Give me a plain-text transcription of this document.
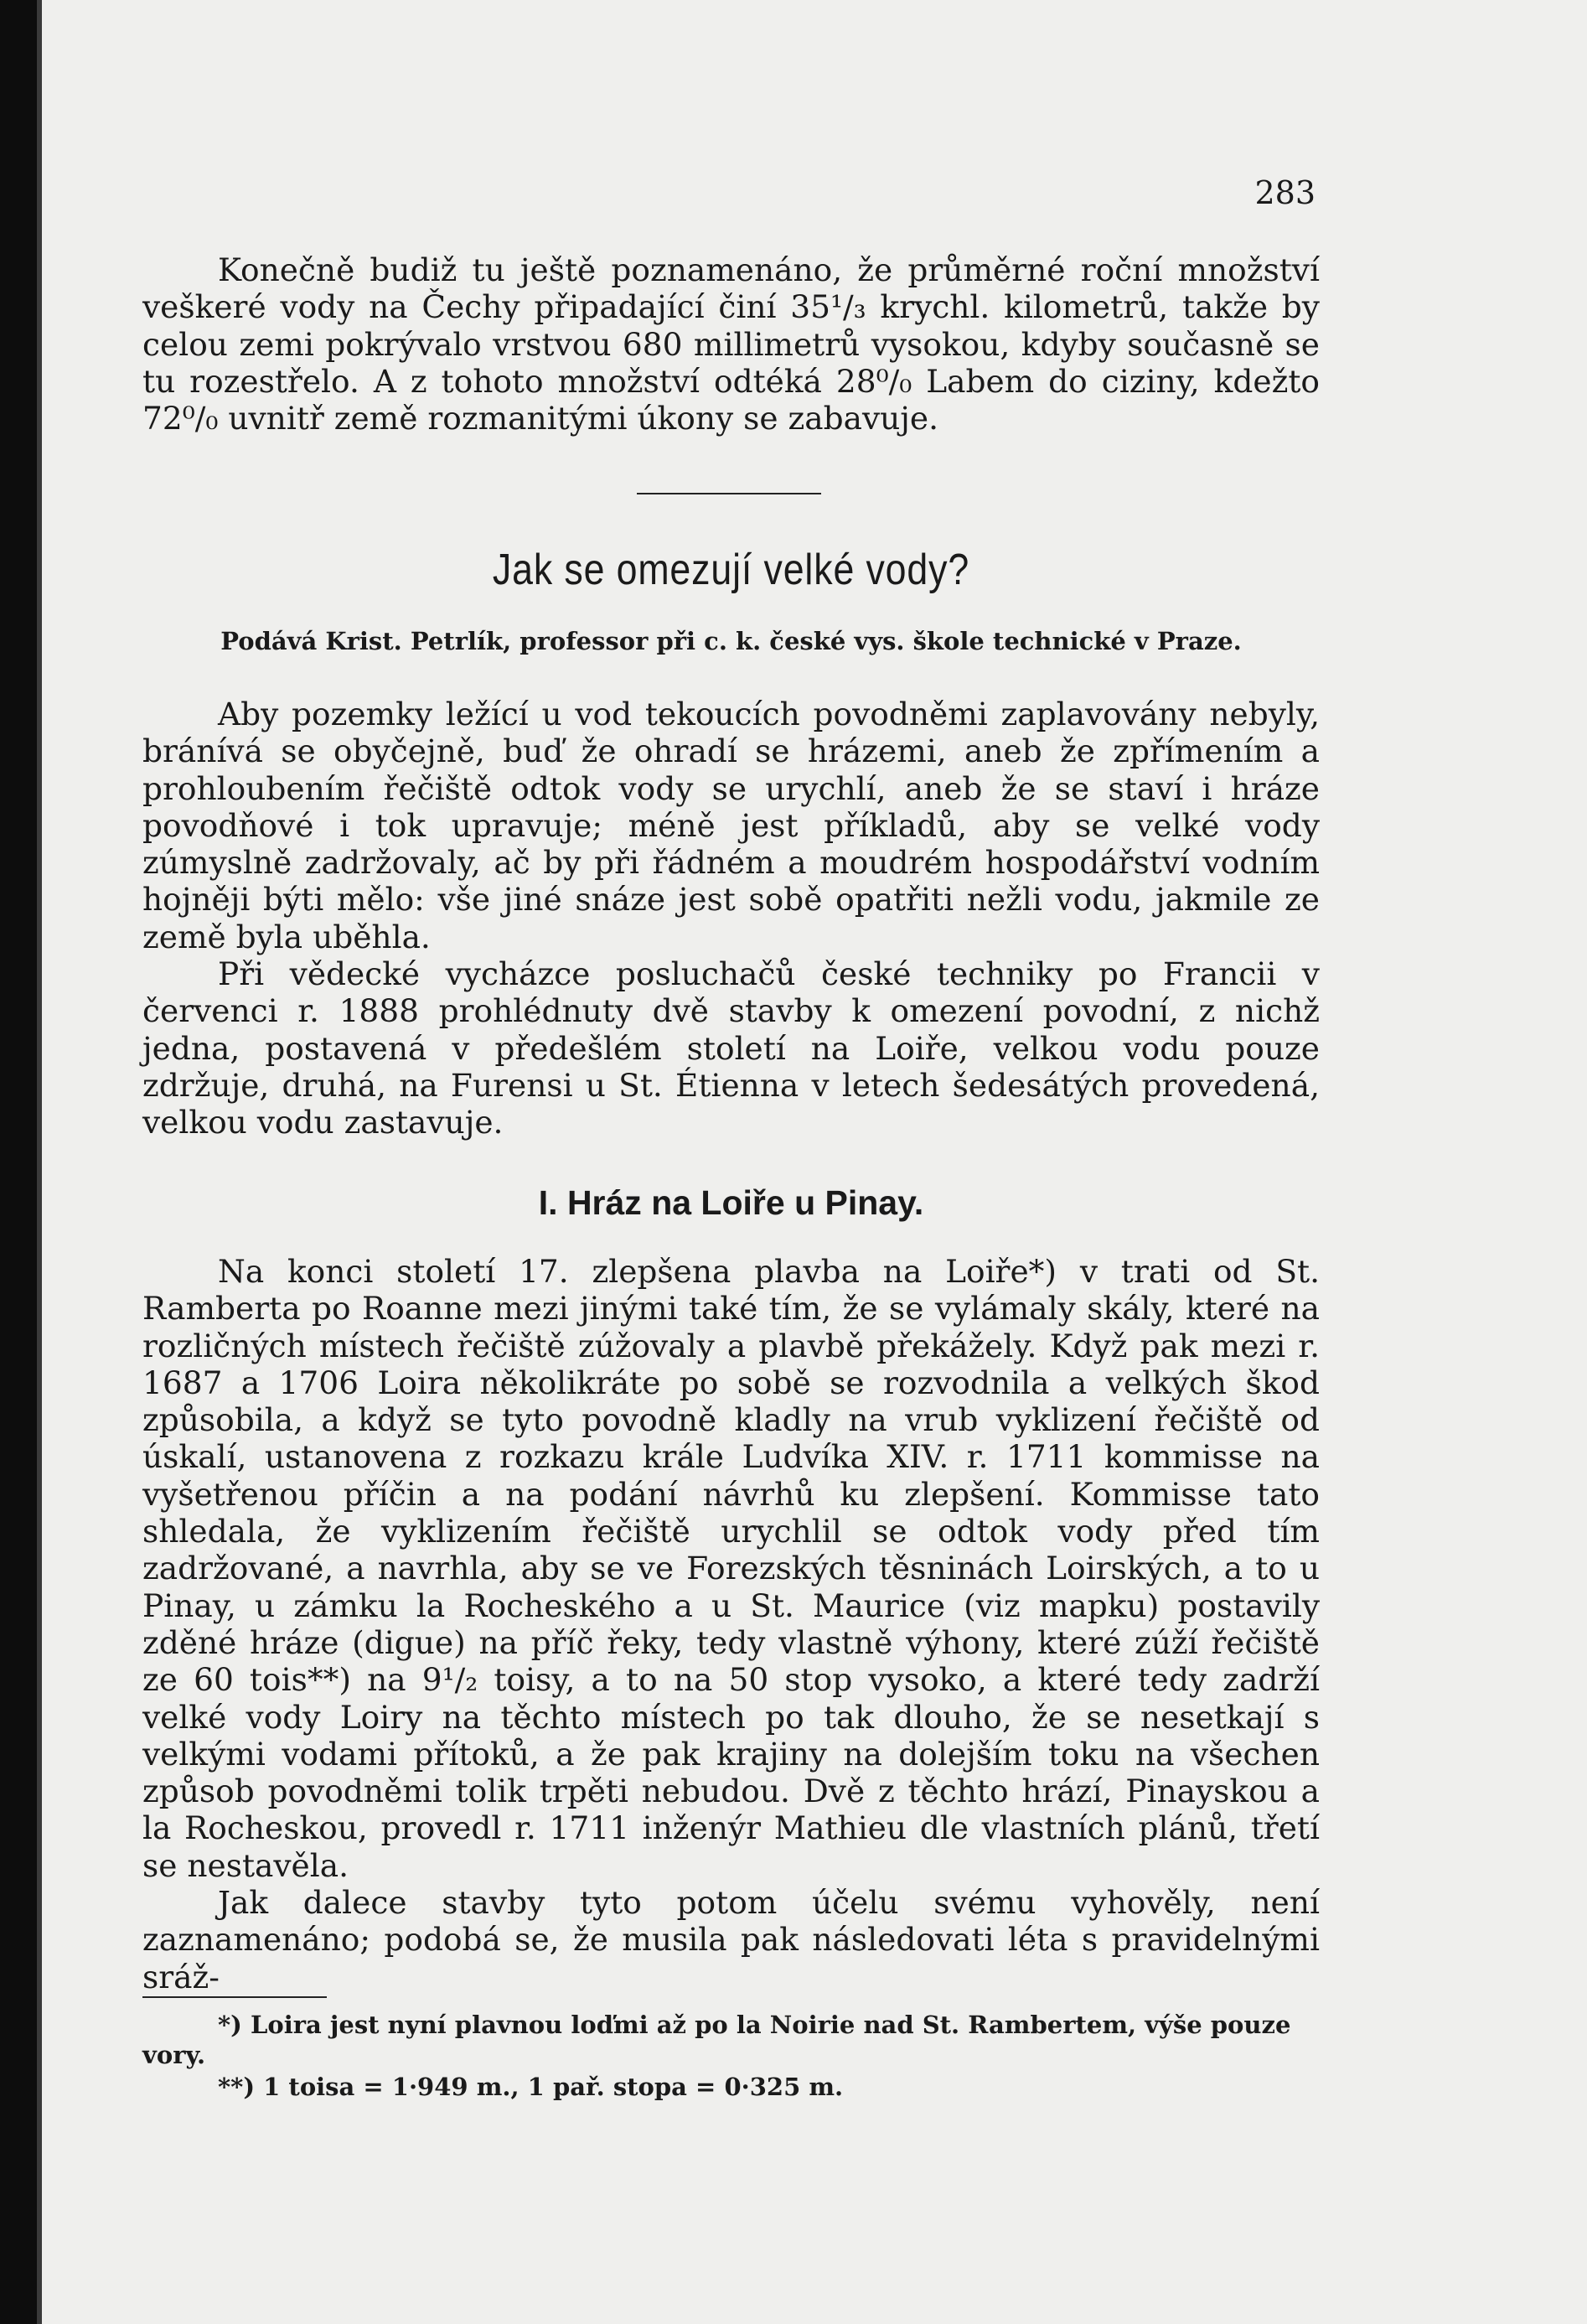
283

Konečně budiž tu ještě poznamenáno, že průměrné roční množství veškeré vody na Čechy připadající činí 35¹/₃ krychl. kilometrů, takže by celou zemi pokrývalo vrstvou 680 millimetrů vysokou, kdyby současně se tu rozestřelo. A z tohoto množství odtéká 28⁰/₀ Labem do ciziny, kdežto 72⁰/₀ uvnitř země rozmanitými úkony se zabavuje.

Jak se omezují velké vody?
Podává Krist. Petrlík, professor při c. k. české vys. škole technické v Praze.

Aby pozemky ležící u vod tekoucích povodněmi zaplavovány nebyly, bránívá se obyčejně, buď že ohradí se hrázemi, aneb že zpřímením a prohloubením řečiště odtok vody se urychlí, aneb že se staví i hráze povodňové i tok upravuje; méně jest příkladů, aby se velké vody zúmyslně zadržovaly, ač by při řádném a moudrém hospodářství vodním hojněji býti mělo: vše jiné snáze jest sobě opatřiti nežli vodu, jakmile ze země byla uběhla.

Při vědecké vycházce posluchačů české techniky po Francii v červenci r. 1888 prohlédnuty dvě stavby k omezení povodní, z nichž jedna, postavená v předešlém století na Loiře, velkou vodu pouze zdržuje, druhá, na Furensi u St. Étienna v letech šedesátých provedená, velkou vodu zastavuje.

I. Hráz na Loiře u Pinay.

Na konci století 17. zlepšena plavba na Loiře*) v trati od St. Ramberta po Roanne mezi jinými také tím, že se vylámaly skály, které na rozličných místech řečiště zúžovaly a plavbě překážely. Když pak mezi r. 1687 a 1706 Loira několikráte po sobě se rozvodnila a velkých škod způsobila, a když se tyto povodně kladly na vrub vyklizení řečiště od úskalí, ustanovena z rozkazu krále Ludvíka XIV. r. 1711 kommisse na vyšetřenou příčin a na podání návrhů ku zlepšení. Kommisse tato shledala, že vyklizením řečiště urychlil se odtok vody před tím zadržované, a navrhla, aby se ve Forezských těsninách Loirských, a to u Pinay, u zámku la Rocheského a u St. Maurice (viz mapku) postavily zděné hráze (digue) na příč řeky, tedy vlastně výhony, které zúží řečiště ze 60 tois**) na 9¹/₂ toisy, a to na 50 stop vysoko, a které tedy zadrží velké vody Loiry na těchto místech po tak dlouho, že se nesetkají s velkými vodami přítoků, a že pak krajiny na dolejším toku na všechen způsob povodněmi tolik trpěti nebudou. Dvě z těchto hrází, Pinayskou a la Rocheskou, provedl r. 1711 inženýr Mathieu dle vlastních plánů, třetí se nestavěla.

Jak dalece stavby tyto potom účelu svému vyhověly, není zaznamenáno; podobá se, že musila pak následovati léta s pravidelnými sráž-

*) Loira jest nyní plavnou loďmi až po la Noirie nad St. Rambertem, výše pouze vory.

**) 1 toisa = 1·949 m., 1 pař. stopa = 0·325 m.
